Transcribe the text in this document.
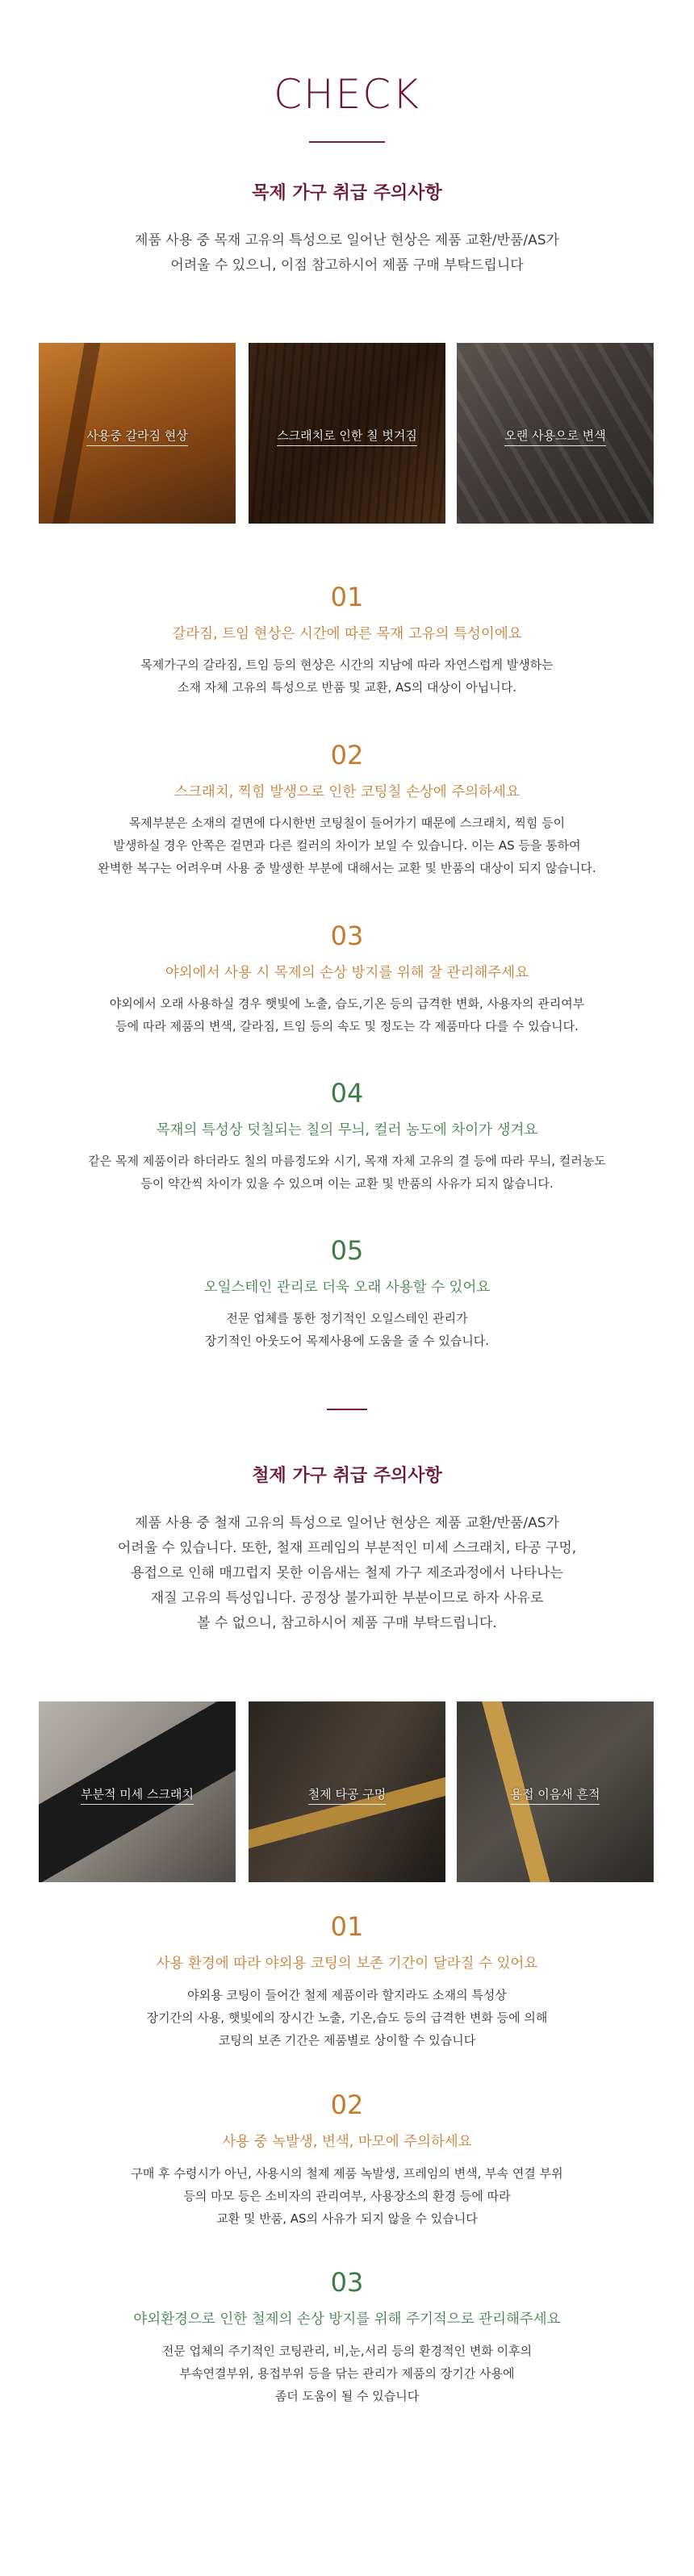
CHECK
목제 가구 취급 주의사항
제품 사용 중 목재 고유의 특성으로 일어난 현상은 제품 교환/반품/AS가
어려울 수 있으니, 이점 참고하시어 제품 구매 부탁드립니다
사용중 갈라짐 현상	스크래치로 인한 칠 벗겨짐	오랜 사용으로 변색
01
갈라짐, 트임 현상은 시간에 따른 목재 고유의 특성이에요
목제가구의 갈라짐, 트임 등의 현상은 시간의 지남에 따라 자연스럽게 발생하는
소재 자체 고유의 특성으로 반품 및 교환, AS의 대상이 아닙니다.
02
스크래치, 찍힘 발생으로 인한 코팅칠 손상에 주의하세요
목제부분은 소재의 겉면에 다시한번 코팅칠이 들어가기 때문에 스크래치, 찍힘 등이
발생하실 경우 안쪽은 겉면과 다른 컬러의 차이가 보일 수 있습니다. 이는 AS 등을 통하여
완벽한 복구는 어려우며 사용 중 발생한 부분에 대해서는 교환 및 반품의 대상이 되지 않습니다.
03
야외에서 사용 시 목제의 손상 방지를 위해 잘 관리해주세요
야외에서 오래 사용하실 경우 햇빛에 노출, 습도,기온 등의 급격한 변화, 사용자의 관리여부
등에 따라 제품의 변색, 갈라짐, 트임 등의 속도 및 정도는 각 제품마다 다를 수 있습니다.
04
목재의 특성상 덧칠되는 칠의 무늬, 컬러 농도에 차이가 생겨요
같은 목제 제품이라 하더라도 칠의 마름정도와 시기, 목재 자체 고유의 결 등에 따라 무늬, 컬러농도
등이 약간씩 차이가 있을 수 있으며 이는 교환 및 반품의 사유가 되지 않습니다.
05
오일스테인 관리로 더욱 오래 사용할 수 있어요
전문 업체를 통한 정기적인 오일스테인 관리가
장기적인 아웃도어 목제사용에 도움을 줄 수 있습니다.
철제 가구 취급 주의사항
제품 사용 중 철재 고유의 특성으로 일어난 현상은 제품 교환/반품/AS가
어려울 수 있습니다. 또한, 철재 프레임의 부분적인 미세 스크래치, 타공 구멍,
용접으로 인해 매끄럽지 못한 이음새는 철제 가구 제조과정에서 나타나는
재질 고유의 특성입니다. 공정상 불가피한 부분이므로 하자 사유로
볼 수 없으니, 참고하시어 제품 구매 부탁드립니다.
부분적 미세 스크래치	철제 타공 구멍	용접 이음새 흔적
01
사용 환경에 따라 야외용 코팅의 보존 기간이 달라질 수 있어요
야외용 코팅이 들어간 철제 제품이라 할지라도 소재의 특성상
장기간의 사용, 햇빛에의 장시간 노출, 기온,습도 등의 급격한 변화 등에 의해
코팅의 보존 기간은 제품별로 상이할 수 있습니다
02
사용 중 녹발생, 변색, 마모에 주의하세요
구매 후 수령시가 아닌, 사용시의 철제 제품 녹발생, 프레임의 변색, 부속 연결 부위
등의 마모 등은 소비자의 관리여부, 사용장소의 환경 등에 따라
교환 및 반품, AS의 사유가 되지 않을 수 있습니다
03
야외환경으로 인한 철제의 손상 방지를 위해 주기적으로 관리해주세요
전문 업체의 주기적인 코팅관리, 비,눈,서리 등의 환경적인 변화 이후의
부속연결부위, 용접부위 등을 닦는 관리가 제품의 장기간 사용에
좀더 도움이 될 수 있습니다
